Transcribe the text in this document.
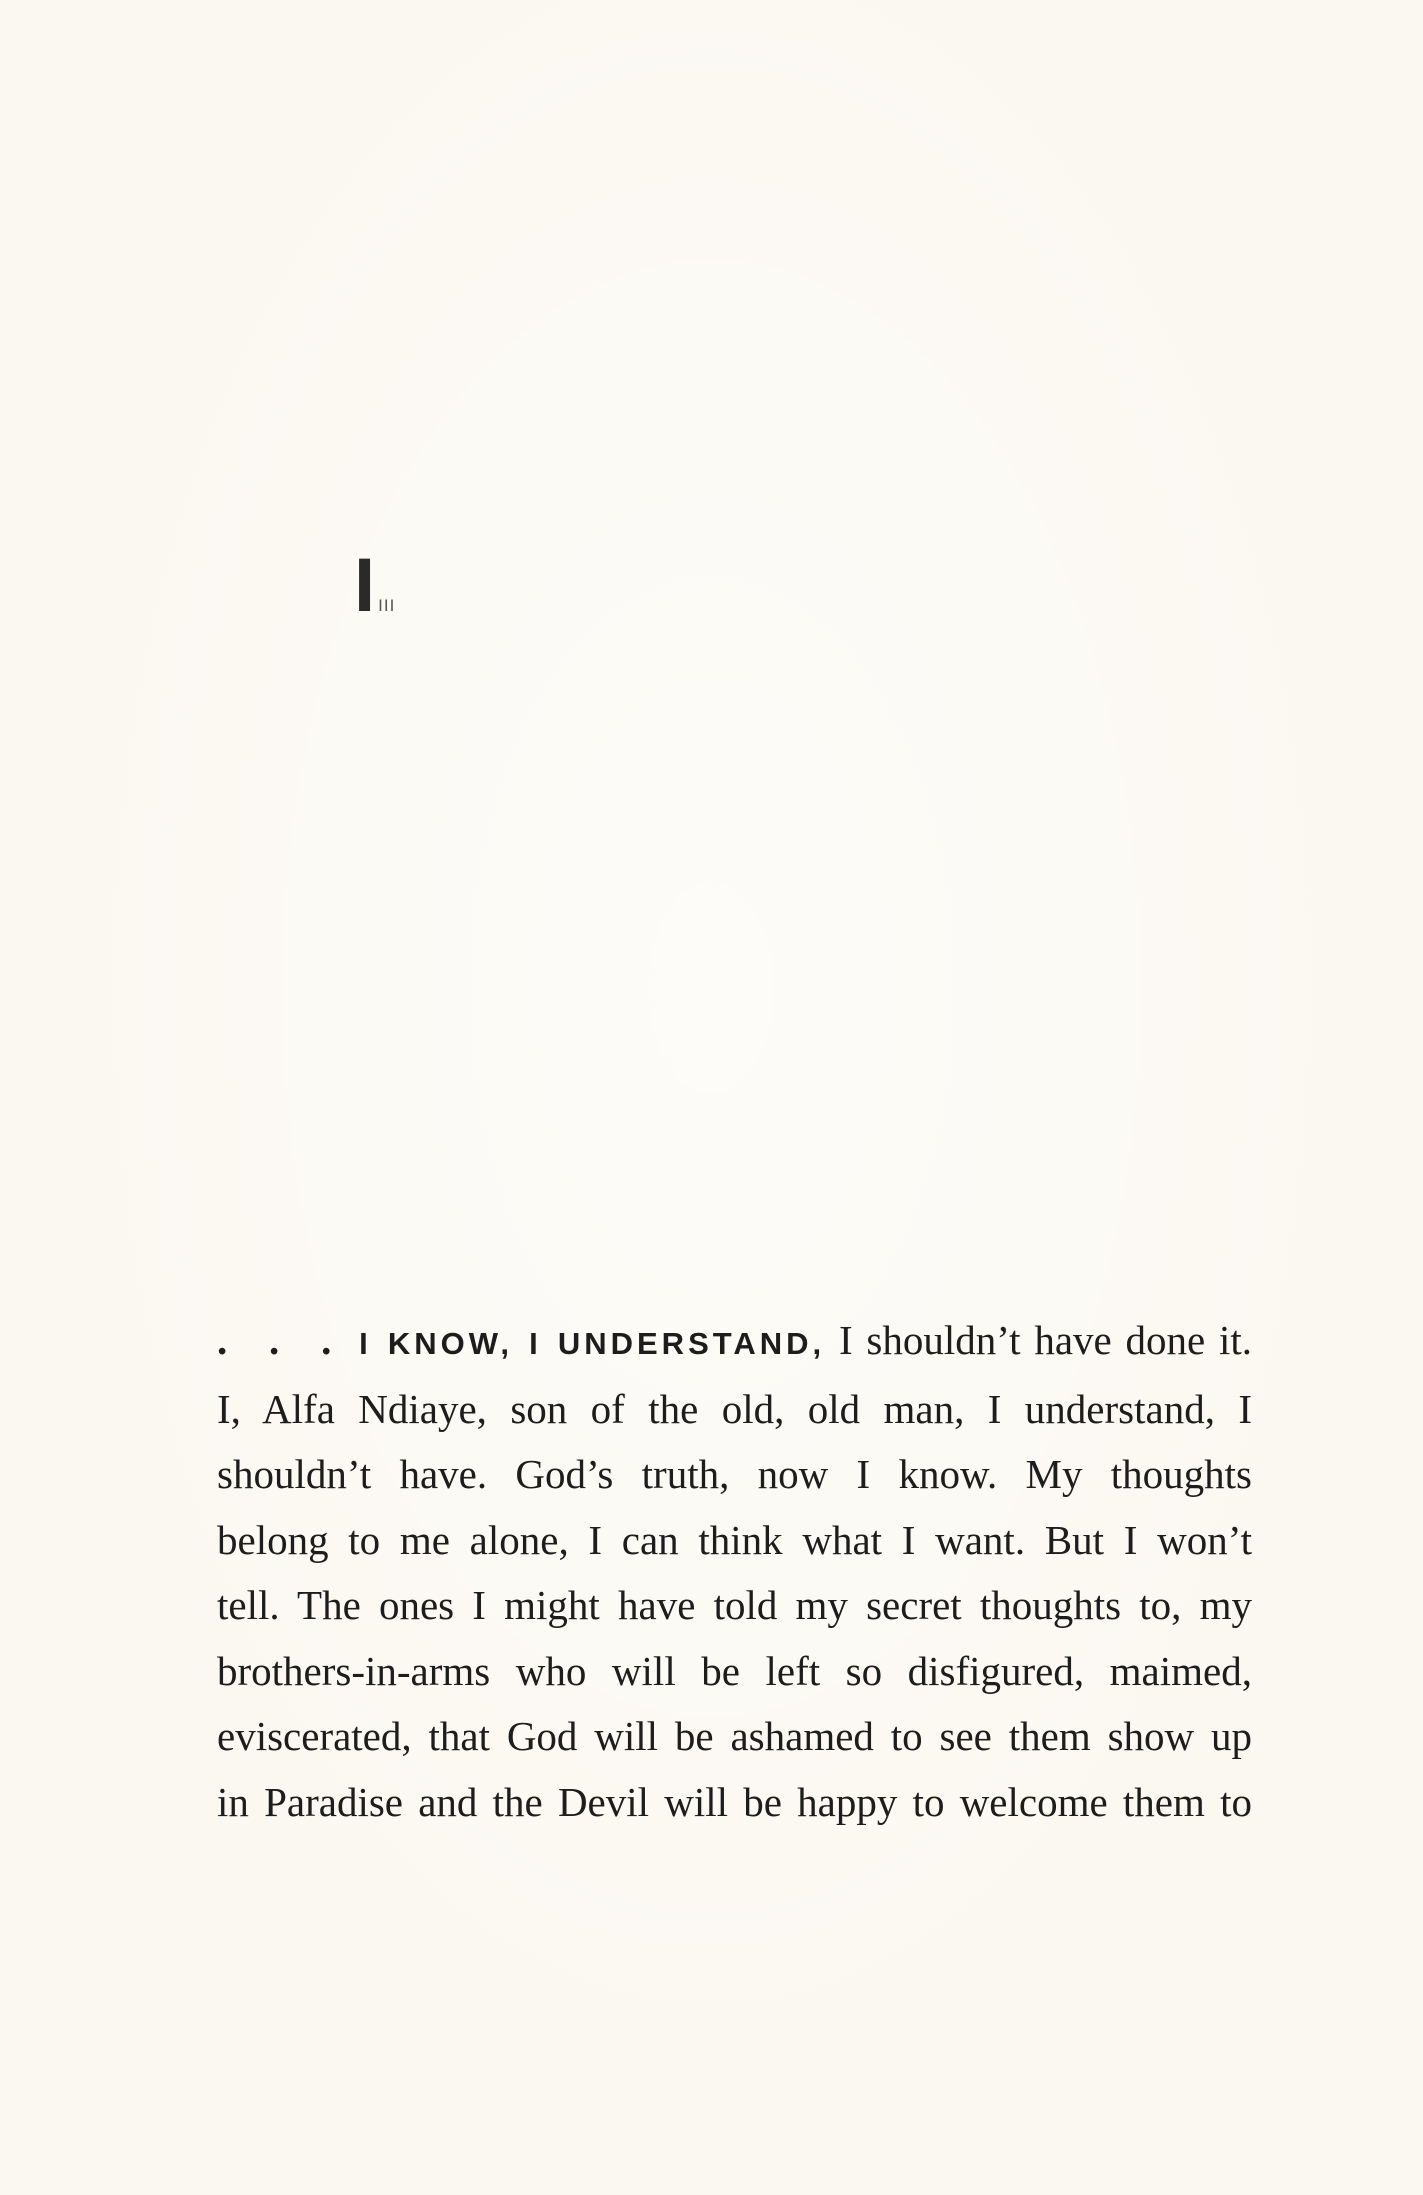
IIII
. . . I KNOW, I UNDERSTAND, I shouldn’t have done it.
I, Alfa Ndiaye, son of the old, old man, I understand, I
shouldn’t have. God’s truth, now I know. My thoughts
belong to me alone, I can think what I want. But I won’t
tell. The ones I might have told my secret thoughts to, my
brothers-in-arms who will be left so disfigured, maimed,
eviscerated, that God will be ashamed to see them show up
in Paradise and the Devil will be happy to welcome them to
